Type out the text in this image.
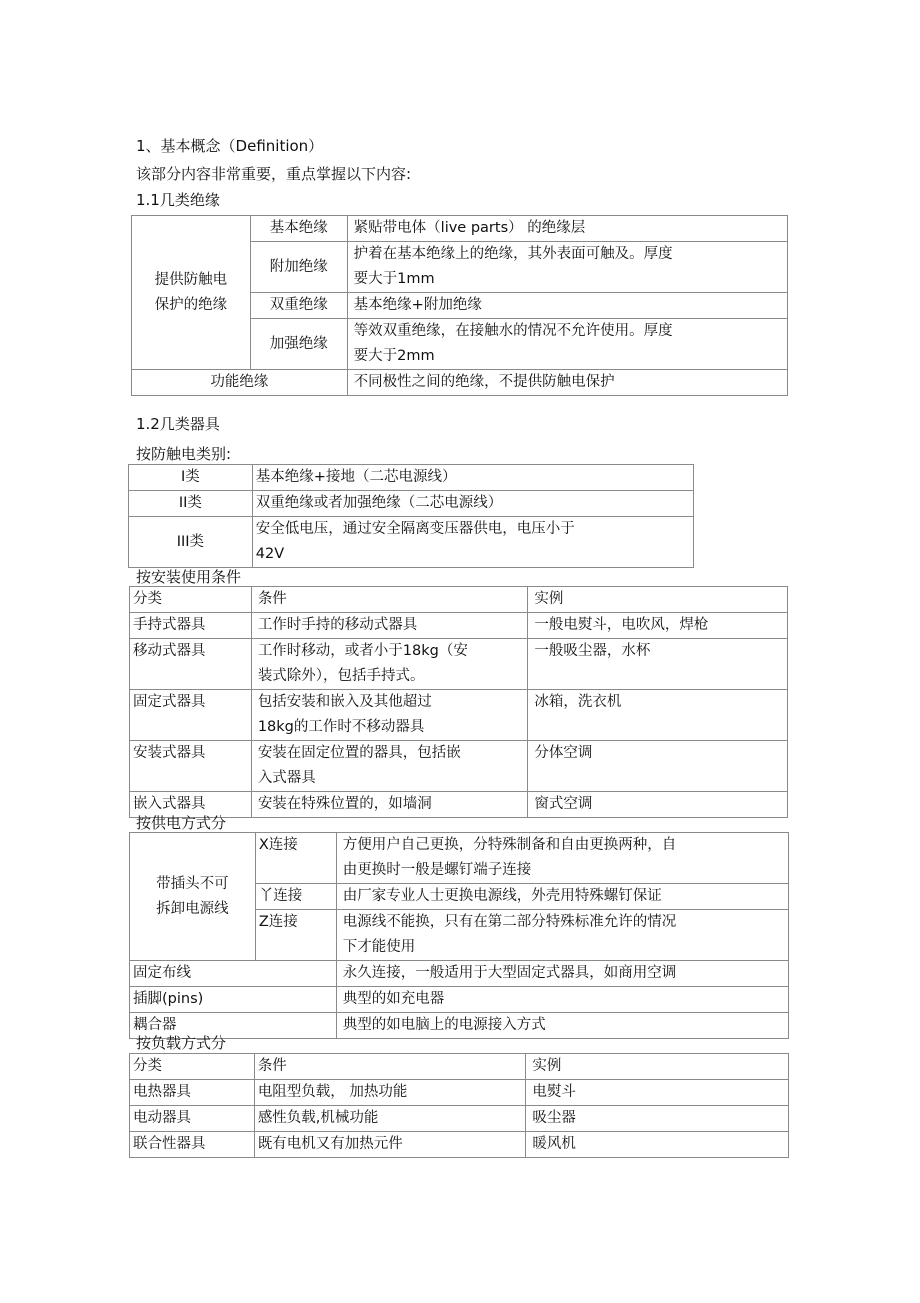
1、基本概念（Definition）
该部分内容非常重要，重点掌握以下内容:
1.1几类绝缘
提供防触电
保护的绝缘	基本绝缘	紧贴带电体（live parts） 的绝缘层
	附加绝缘	护着在基本绝缘上的绝缘，其外表面可触及。厚度
要大于1mm

	双重绝缘	基本绝缘+附加绝缘
	加强绝缘	等效双重绝缘，在接触水的情况不允许使用。厚度
要大于2mm

功能绝缘		不同极性之间的绝缘，不提供防触电保护
1.2几类器具
按防触电类别:
I类	基本绝缘+接地（二芯电源线）
II类	双重绝缘或者加强绝缘（二芯电源线）
III类	安全低电压，通过安全隔离变压器供电，电压小于
42V
按安装使用条件
分类	条件	实例
手持式器具	工作时手持的移动式器具	一般电熨斗，电吹风，焊枪
移动式器具	工作时移动，或者小于18kg（安
装式除外），包括手持式。	一般吸尘器，水杯
固定式器具	包括安装和嵌入及其他超过
18kg的工作时不移动器具	冰箱，洗衣机
安装式器具	安装在固定位置的器具，包括嵌
入式器具	分体空调
嵌入式器具	安装在特殊位置的，如墙洞	窗式空调
按供电方式分
带插头不可
拆卸电源线	X连接	方便用户自己更换，分特殊制备和自由更换两种，自
由更换时一般是螺钉端子连接

	丫连接	由厂家专业人士更换电源线，外壳用特殊螺钉保证
	Z连接	电源线不能换，只有在第二部分特殊标准允许的情况
下才能使用

固定布线		永久连接，一般适用于大型固定式器具，如商用空调
插脚(pins)		典型的如充电器
耦合器		典型的如电脑上的电源接入方式
按负载方式分
分类	条件	实例
电热器具	电阻型负载， 加热功能	电熨斗
电动器具	感性负载,机械功能	吸尘器
联合性器具	既有电机又有加热元件	暖风机
